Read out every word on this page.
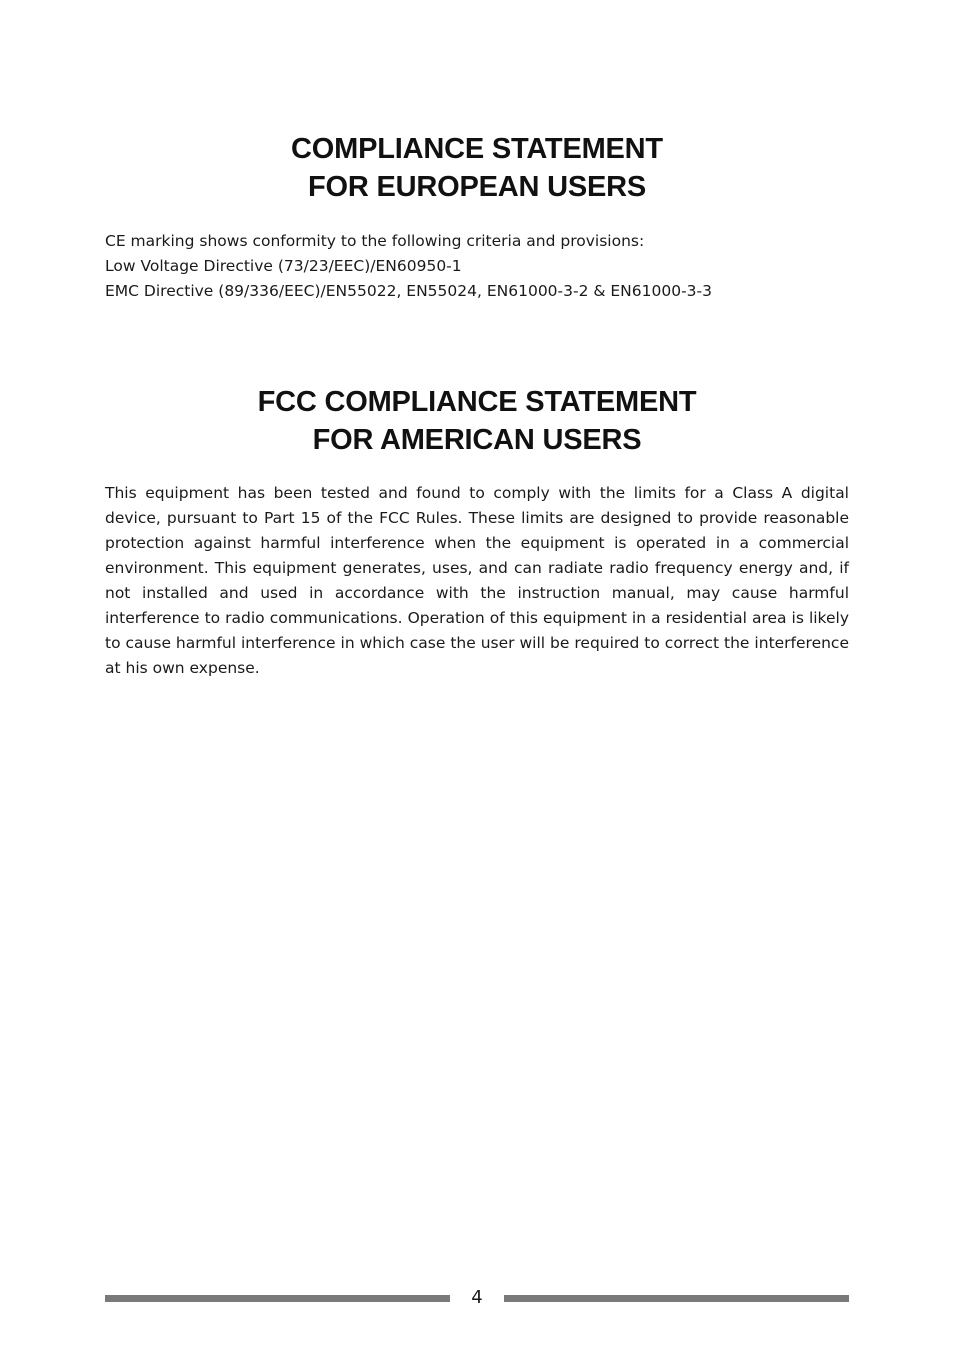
COMPLIANCE STATEMENT
FOR EUROPEAN USERS
CE marking shows conformity to the following criteria and provisions:
Low Voltage Directive (73/23/EEC)/EN60950-1
EMC Directive (89/336/EEC)/EN55022, EN55024, EN61000-3-2 & EN61000-3-3
FCC COMPLIANCE STATEMENT
FOR AMERICAN USERS

This equipment has been tested and found to comply with the limits for a Class A digital device, pursuant to Part 15 of the FCC Rules. These limits are designed to provide reasonable protection against harmful interference when the equipment is operated in a commercial environment. This equipment generates, uses, and can radiate radio frequency energy and, if not installed and used in accordance with the instruction manual, may cause harmful interference to radio communications. Operation of this equipment in a residential area is likely to cause harmful interference in which case the user will be required to correct the interference at his own expense.

4
